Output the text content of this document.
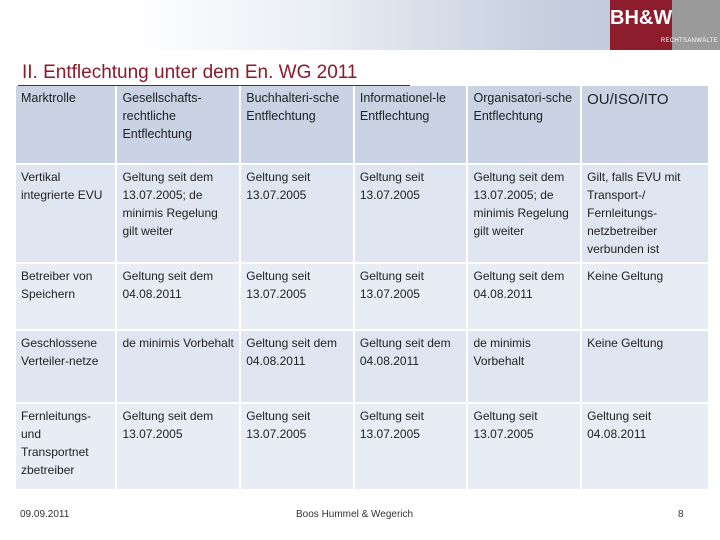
BH&W
RECHTSANWÄLTE
II. Entflechtung unter dem En. WG 2011
Marktrolle	Gesellschafts-rechtliche Entflechtung	Buchhalteri-sche Entflechtung	Informationel-le Entflechtung	Organisatori-sche Entflechtung	OU/ISO/ITO
Vertikal integrierte EVU	Geltung seit dem 13.07.2005; de minimis Regelung gilt weiter	Geltung seit 13.07.2005	Geltung seit 13.07.2005	Geltung seit dem 13.07.2005; de minimis Regelung gilt weiter	Gilt, falls EVU mit Transport-/ Fernleitungs-netzbetreiber verbunden ist
Betreiber von Speichern	Geltung seit dem 04.08.2011	Geltung seit 13.07.2005	Geltung seit 13.07.2005	Geltung seit dem 04.08.2011	Keine Geltung
Geschlossene Verteiler-netze	de minimis Vorbehalt	Geltung seit dem 04.08.2011	Geltung seit dem 04.08.2011	de minimis Vorbehalt	Keine Geltung
Fernleitungs- und Transportnet zbetreiber	Geltung seit dem 13.07.2005	Geltung seit 13.07.2005	Geltung seit 13.07.2005	Geltung seit 13.07.2005	Geltung seit 04.08.2011
09.09.2011	Boos Hummel & Wegerich	8
